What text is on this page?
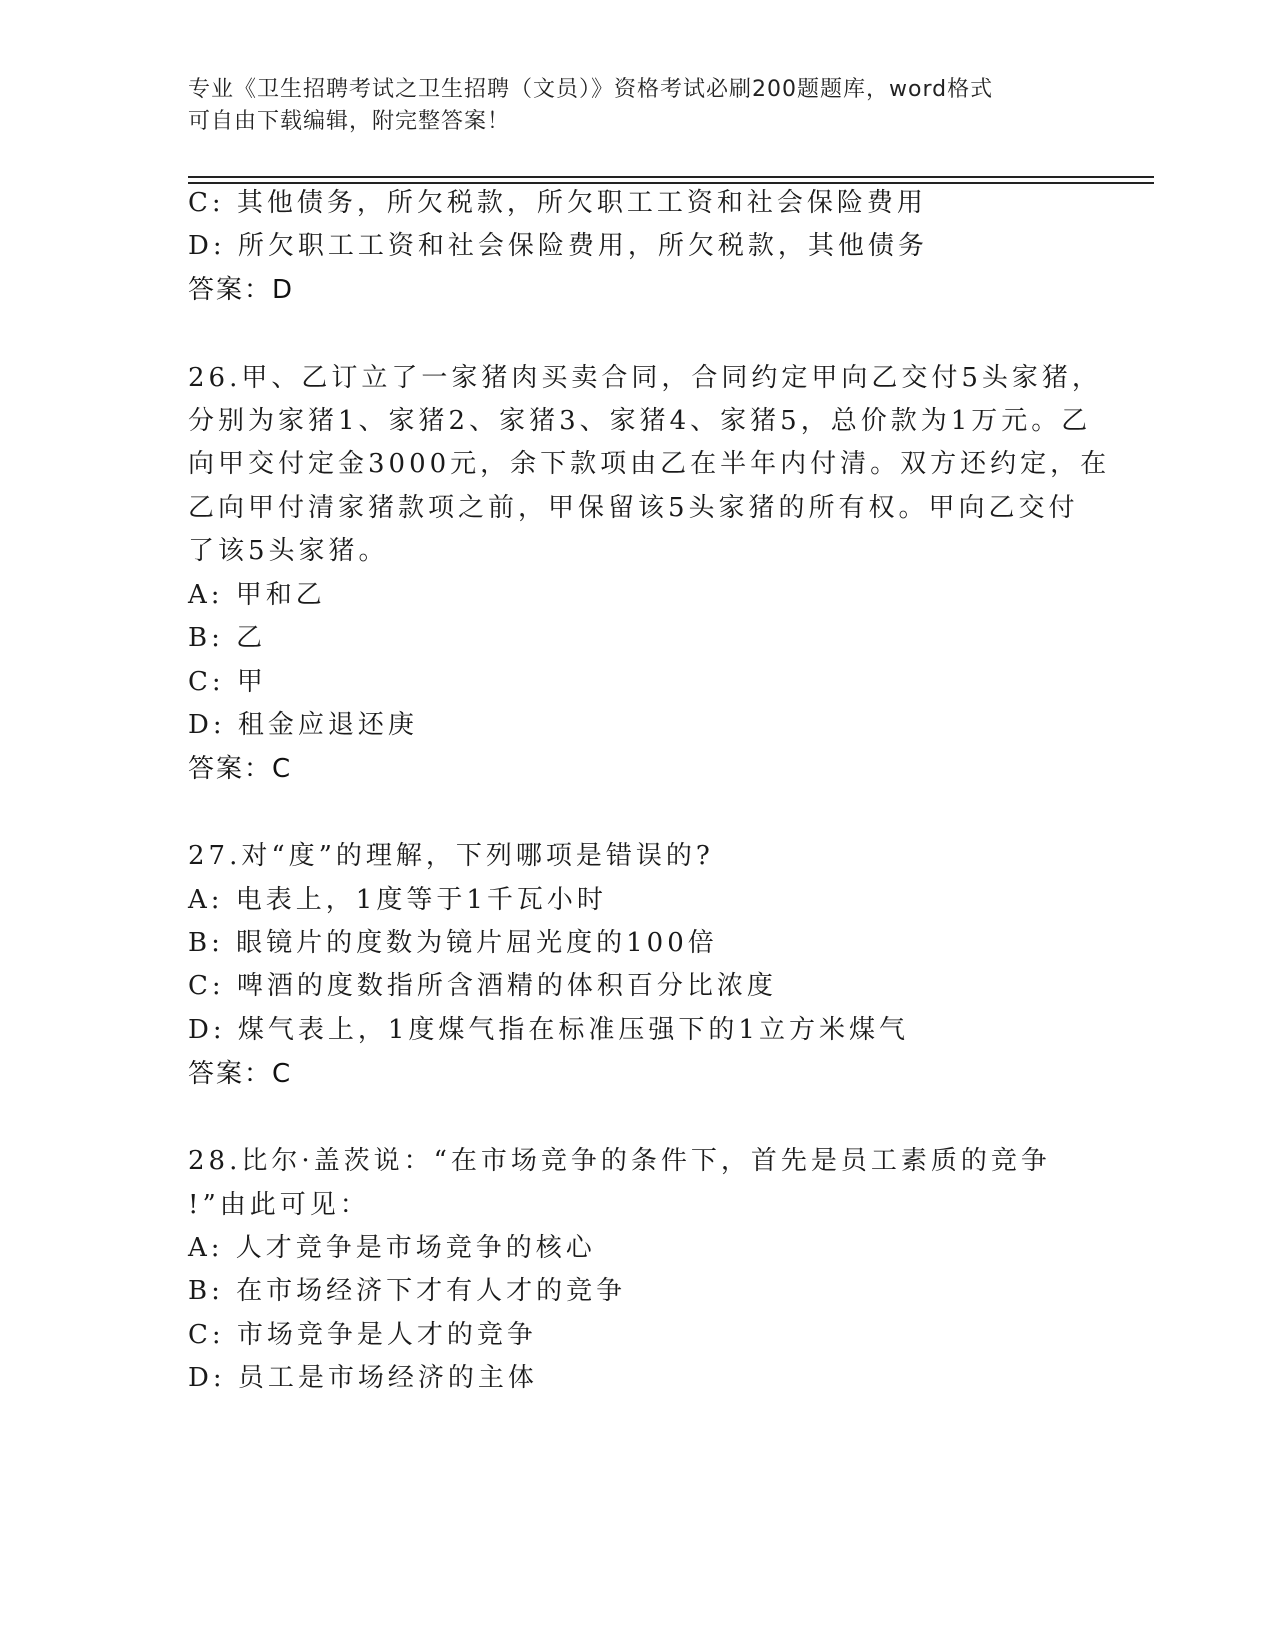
专业《卫生招聘考试之卫生招聘（文员）》资格考试必刷200题题库，word格式
可自由下载编辑，附完整答案！
C: 其他债务，所欠税款，所欠职工工资和社会保险费用
D: 所欠职工工资和社会保险费用，所欠税款，其他债务
答案：D
26.甲、乙订立了一家猪肉买卖合同，合同约定甲向乙交付5头家猪，
分别为家猪1、家猪2、家猪3、家猪4、家猪5，总价款为1万元。乙
向甲交付定金3000元，余下款项由乙在半年内付清。双方还约定，在
乙向甲付清家猪款项之前，甲保留该5头家猪的所有权。甲向乙交付
了该5头家猪。
A: 甲和乙
B: 乙
C: 甲
D: 租金应退还庚
答案：C
27.对“度”的理解，下列哪项是错误的?
A: 电表上，1度等于1千瓦小时
B: 眼镜片的度数为镜片屈光度的100倍
C: 啤酒的度数指所含酒精的体积百分比浓度
D: 煤气表上，1度煤气指在标准压强下的1立方米煤气
答案：C
28.比尔·盖茨说：“在市场竞争的条件下，首先是员工素质的竞争
!”由此可见：
A: 人才竞争是市场竞争的核心
B: 在市场经济下才有人才的竞争
C: 市场竞争是人才的竞争
D: 员工是市场经济的主体
